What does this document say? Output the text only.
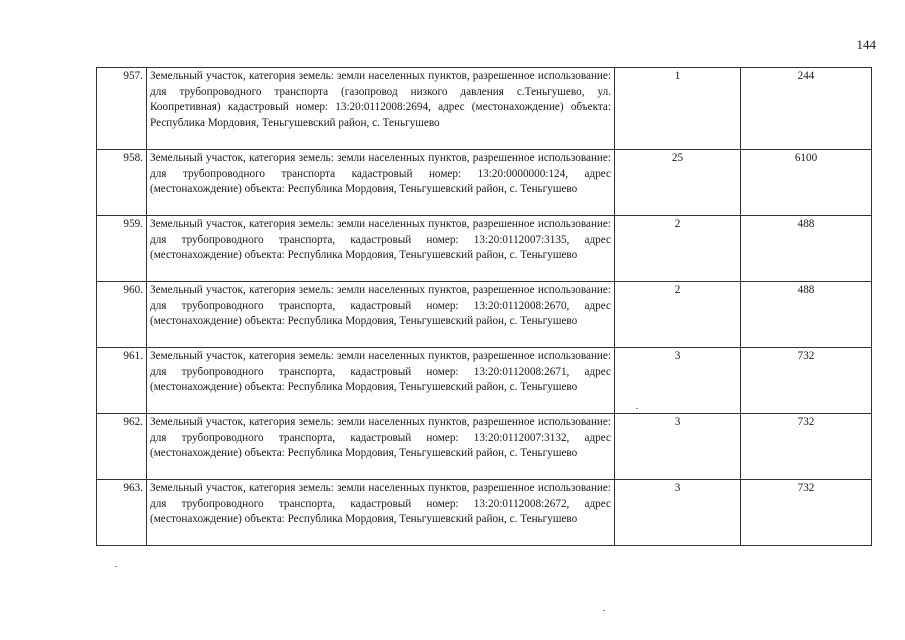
144
957.	Земельный участок, категория земель: земли населенных пунктов, разрешенное использование: для трубопроводного транспорта (газопровод низкого давления с.Теньгушево, ул. Коопретивная) кадастровый номер: 13:20:0112008:2694, адрес (местонахождение) объекта: Республика Мордовия, Теньгушевский район, с. Теньгушево	1	244
958.	Земельный участок, категория земель: земли населенных пунктов, разрешенное использование: для трубопроводного транспорта кадастровый номер: 13:20:0000000:124, адрес (местонахождение) объекта: Республика Мордовия, Теньгушевский район, с. Теньгушево	25	6100
959.	Земельный участок, категория земель: земли населенных пунктов, разрешенное использование: для трубопроводного транспорта, кадастровый номер: 13:20:0112007:3135, адрес (местонахождение) объекта: Республика Мордовия, Теньгушевский район, с. Теньгушево	2	488
960.	Земельный участок, категория земель: земли населенных пунктов, разрешенное использование: для трубопроводного транспорта, кадастровый номер: 13:20:0112008:2670, адрес (местонахождение) объекта: Республика Мордовия, Теньгушевский район, с. Теньгушево	2	488
961.	Земельный участок, категория земель: земли населенных пунктов, разрешенное использование: для трубопроводного транспорта, кадастровый номер: 13:20:0112008:2671, адрес (местонахождение) объекта: Республика Мордовия, Теньгушевский район, с. Теньгушево	3	732
962.	Земельный участок, категория земель: земли населенных пунктов, разрешенное использование: для трубопроводного транспорта, кадастровый номер: 13:20:0112007:3132, адрес (местонахождение) объекта: Республика Мордовия, Теньгушевский район, с. Теньгушево	3	732
963.	Земельный участок, категория земель: земли населенных пунктов, разрешенное использование: для трубопроводного транспорта, кадастровый номер: 13:20:0112008:2672, адрес (местонахождение) объекта: Республика Мордовия, Теньгушевский район, с. Теньгушево	3	732
